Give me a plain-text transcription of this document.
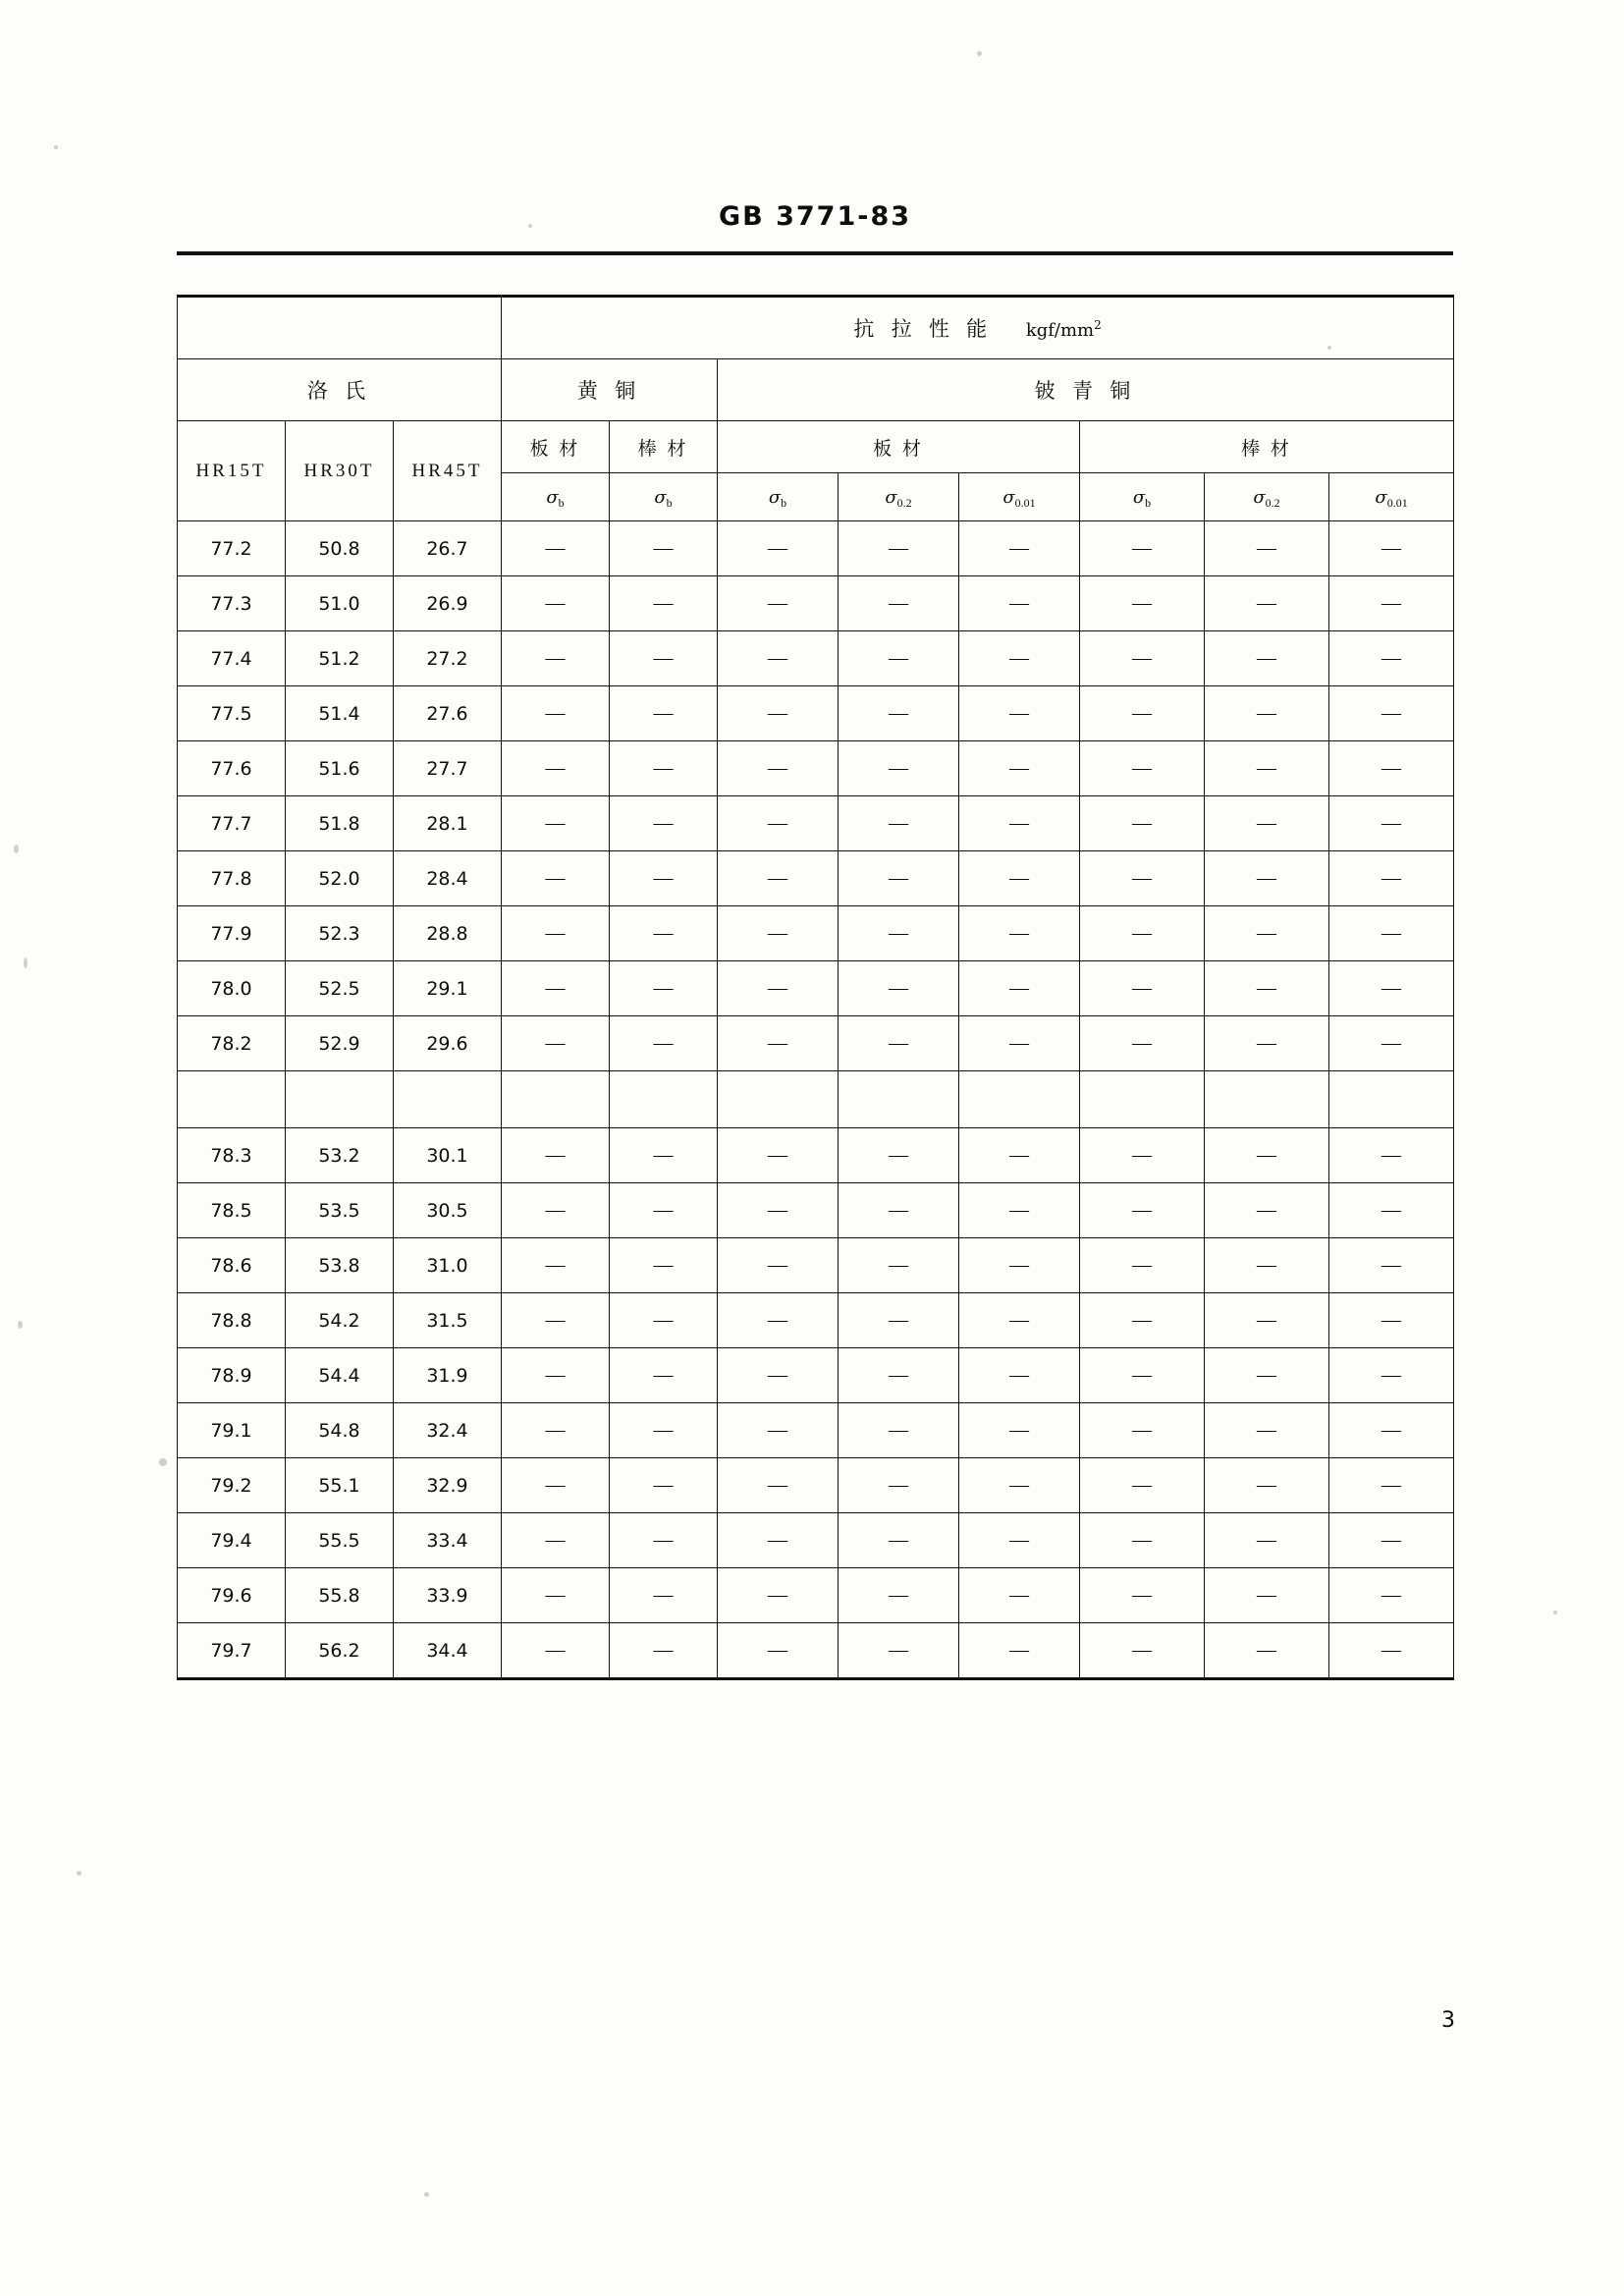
GB 3771-83
			抗 拉 性 能 kgf/$mm^2$
洛 氏			黄 铜		铍 青 铜					
HR15T	HR30T	HR45T	板 材	棒 材	板 材			棒 材		
			$\sigma_b$	$\sigma_b$	$\sigma_b$	$\sigma_{0.2}$	$\sigma_{0.01}$	$\sigma_b$	$\sigma_{0.2}$	$\sigma_{0.01}$
77.2	50.8	26.7	—	—	—	—	—	—	—	—
77.3	51.0	26.9	—	—	—	—	—	—	—	—
77.4	51.2	27.2	—	—	—	—	—	—	—	—
77.5	51.4	27.6	—	—	—	—	—	—	—	—
77.6	51.6	27.7	—	—	—	—	—	—	—	—
77.7	51.8	28.1	—	—	—	—	—	—	—	—
77.8	52.0	28.4	—	—	—	—	—	—	—	—
77.9	52.3	28.8	—	—	—	—	—	—	—	—
78.0	52.5	29.1	—	—	—	—	—	—	—	—
78.2	52.9	29.6	—	—	—	—	—	—	—	—

78.3	53.2	30.1	—	—	—	—	—	—	—	—
78.5	53.5	30.5	—	—	—	—	—	—	—	—
78.6	53.8	31.0	—	—	—	—	—	—	—	—
78.8	54.2	31.5	—	—	—	—	—	—	—	—
78.9	54.4	31.9	—	—	—	—	—	—	—	—
79.1	54.8	32.4	—	—	—	—	—	—	—	—
79.2	55.1	32.9	—	—	—	—	—	—	—	—
79.4	55.5	33.4	—	—	—	—	—	—	—	—
79.6	55.8	33.9	—	—	—	—	—	—	—	—
79.7	56.2	34.4	—	—	—	—	—	—	—	—
3
